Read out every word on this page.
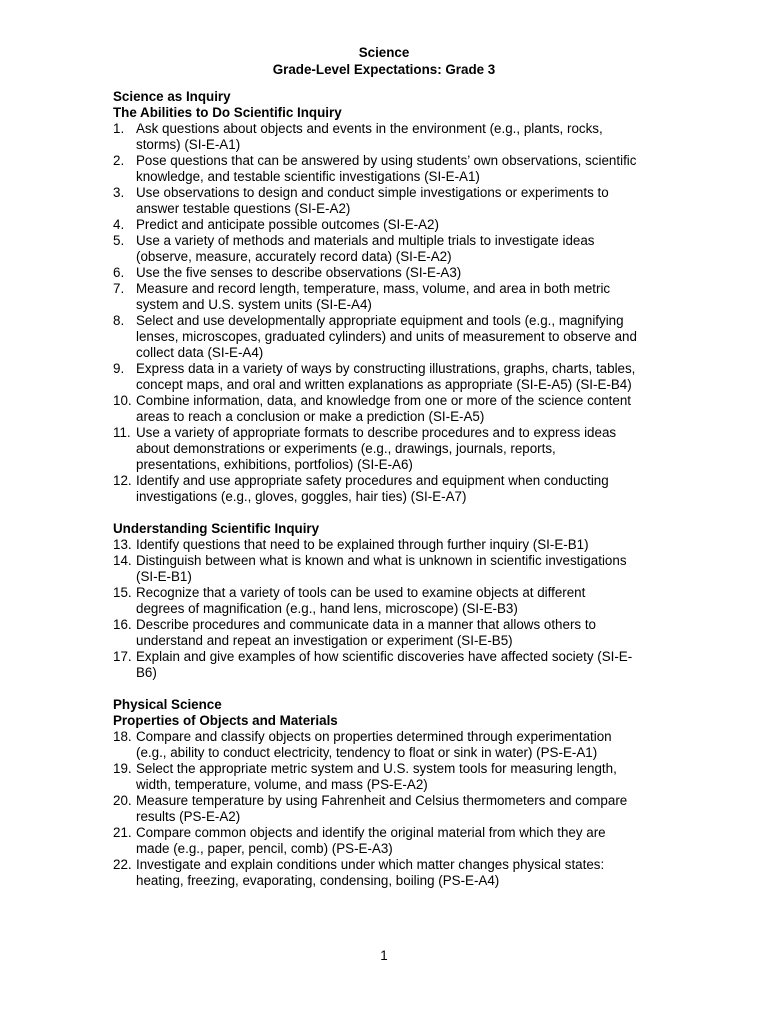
Science
Grade-Level Expectations: Grade 3
Science as Inquiry
The Abilities to Do Scientific Inquiry
1. Ask questions about objects and events in the environment (e.g., plants, rocks,
storms) (SI-E-A1)
2. Pose questions that can be answered by using students’ own observations, scientific
knowledge, and testable scientific investigations (SI-E-A1)
3. Use observations to design and conduct simple investigations or experiments to
answer testable questions (SI-E-A2)
4. Predict and anticipate possible outcomes (SI-E-A2)
5. Use a variety of methods and materials and multiple trials to investigate ideas
(observe, measure, accurately record data) (SI-E-A2)
6. Use the five senses to describe observations (SI-E-A3)
7. Measure and record length, temperature, mass, volume, and area in both metric
system and U.S. system units (SI-E-A4)
8. Select and use developmentally appropriate equipment and tools (e.g., magnifying
lenses, microscopes, graduated cylinders) and units of measurement to observe and
collect data (SI-E-A4)
9. Express data in a variety of ways by constructing illustrations, graphs, charts, tables,
concept maps, and oral and written explanations as appropriate (SI-E-A5) (SI-E-B4)
10. Combine information, data, and knowledge from one or more of the science content
areas to reach a conclusion or make a prediction (SI-E-A5)
11. Use a variety of appropriate formats to describe procedures and to express ideas
about demonstrations or experiments (e.g., drawings, journals, reports,
presentations, exhibitions, portfolios) (SI-E-A6)
12. Identify and use appropriate safety procedures and equipment when conducting
investigations (e.g., gloves, goggles, hair ties) (SI-E-A7)
Understanding Scientific Inquiry
13. Identify questions that need to be explained through further inquiry (SI-E-B1)
14. Distinguish between what is known and what is unknown in scientific investigations
(SI-E-B1)
15. Recognize that a variety of tools can be used to examine objects at different
degrees of magnification (e.g., hand lens, microscope) (SI-E-B3)
16. Describe procedures and communicate data in a manner that allows others to
understand and repeat an investigation or experiment (SI-E-B5)
17. Explain and give examples of how scientific discoveries have affected society (SI-E-
B6)
Physical Science
Properties of Objects and Materials
18. Compare and classify objects on properties determined through experimentation
(e.g., ability to conduct electricity, tendency to float or sink in water) (PS-E-A1)
19. Select the appropriate metric system and U.S. system tools for measuring length,
width, temperature, volume, and mass (PS-E-A2)
20. Measure temperature by using Fahrenheit and Celsius thermometers and compare
results (PS-E-A2)
21. Compare common objects and identify the original material from which they are
made (e.g., paper, pencil, comb) (PS-E-A3)
22. Investigate and explain conditions under which matter changes physical states:
heating, freezing, evaporating, condensing, boiling (PS-E-A4)
1
